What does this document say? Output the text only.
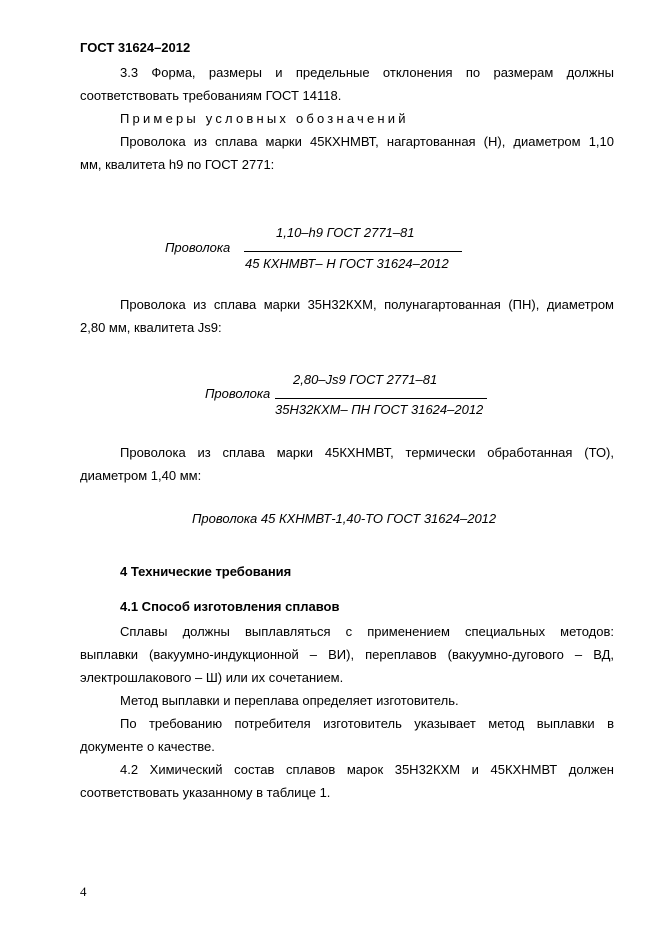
ГОСТ 31624–2012
3.3 Форма, размеры и предельные отклонения по размерам должны
соответствовать требованиям ГОСТ 14118.
Примеры условных обозначений
Проволока из сплава марки 45КХНМВТ, нагартованная (Н), диаметром 1,10
мм, квалитета h9 по ГОСТ 2771:
1,10–h9 ГОСТ 2771–81
Проволока
45 КХНМВТ– Н ГОСТ 31624–2012
Проволока из сплава марки 35Н32КХМ, полунагартованная (ПН), диаметром
2,80 мм, квалитета Js9:
2,80–Js9 ГОСТ 2771–81
Проволока
35Н32КХМ– ПН ГОСТ 31624–2012
Проволока из сплава марки 45КХНМВТ, термически обработанная (ТО),
диаметром 1,40 мм:
Проволока 45 КХНМВТ-1,40-ТО ГОСТ 31624–2012
4 Технические требования
4.1 Способ изготовления сплавов
Сплавы должны выплавляться с применением специальных методов:
выплавки (вакуумно-индукционной – ВИ), переплавов (вакуумно-дугового – ВД,
электрошлакового – Ш) или их сочетанием.
Метод выплавки и переплава определяет изготовитель.
По требованию потребителя изготовитель указывает метод выплавки в
документе о качестве.
4.2 Химический состав сплавов марок 35Н32КХМ и 45КХНМВТ должен
соответствовать указанному в таблице 1.
4
